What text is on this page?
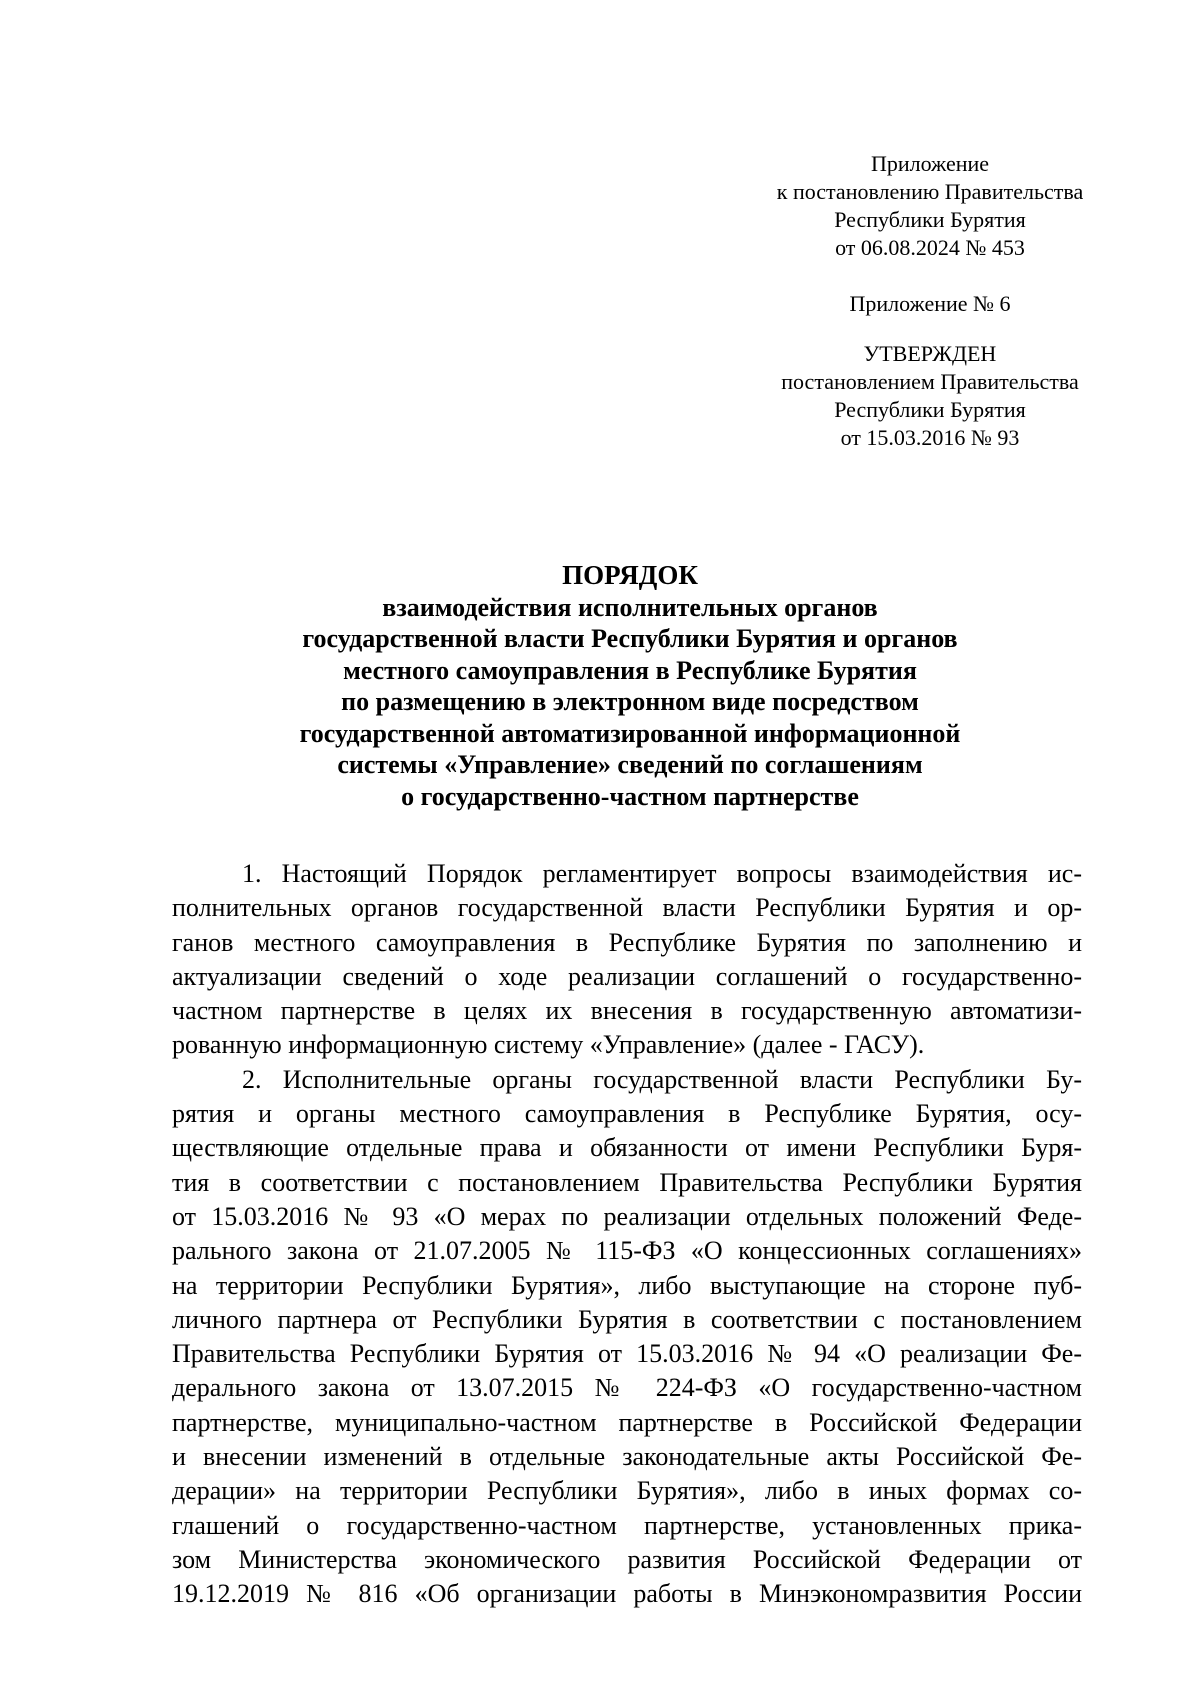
Приложение
к постановлению Правительства
Республики Бурятия
от 06.08.2024 № 453
Приложение № 6
УТВЕРЖДЕН
постановлением Правительства
Республики Бурятия
от 15.03.2016 № 93
ПОРЯДОК
взаимодействия исполнительных органов
государственной власти Республики Бурятия и органов
местного самоуправления в Республике Бурятия
по размещению в электронном виде посредством
государственной автоматизированной информационной
системы «Управление» сведений по соглашениям
о государственно-частном партнерстве
1. Настоящий Порядок регламентирует вопросы взаимодействия ис-
полнительных органов государственной власти Республики Бурятия и ор-
ганов местного самоуправления в Республике Бурятия по заполнению и
актуализации сведений о ходе реализации соглашений о государственно-
частном партнерстве в целях их внесения в государственную автоматизи-
рованную информационную систему «Управление» (далее - ГАСУ).
2. Исполнительные органы государственной власти Республики Бу-
рятия и органы местного самоуправления в Республике Бурятия, осу-
ществляющие отдельные права и обязанности от имени Республики Буря-
тия в соответствии с постановлением Правительства Республики Бурятия
от 15.03.2016 № 93 «О мерах по реализации отдельных положений Феде-
рального закона от 21.07.2005 № 115-ФЗ «О концессионных соглашениях»
на территории Республики Бурятия», либо выступающие на стороне пуб-
личного партнера от Республики Бурятия в соответствии с постановлением
Правительства Республики Бурятия от 15.03.2016 № 94 «О реализации Фе-
дерального закона от 13.07.2015 № 224-ФЗ «О государственно-частном
партнерстве, муниципально-частном партнерстве в Российской Федерации
и внесении изменений в отдельные законодательные акты Российской Фе-
дерации» на территории Республики Бурятия», либо в иных формах со-
глашений о государственно-частном партнерстве, установленных прика-
зом Министерства экономического развития Российской Федерации от
19.12.2019 № 816 «Об организации работы в Минэкономразвития России
